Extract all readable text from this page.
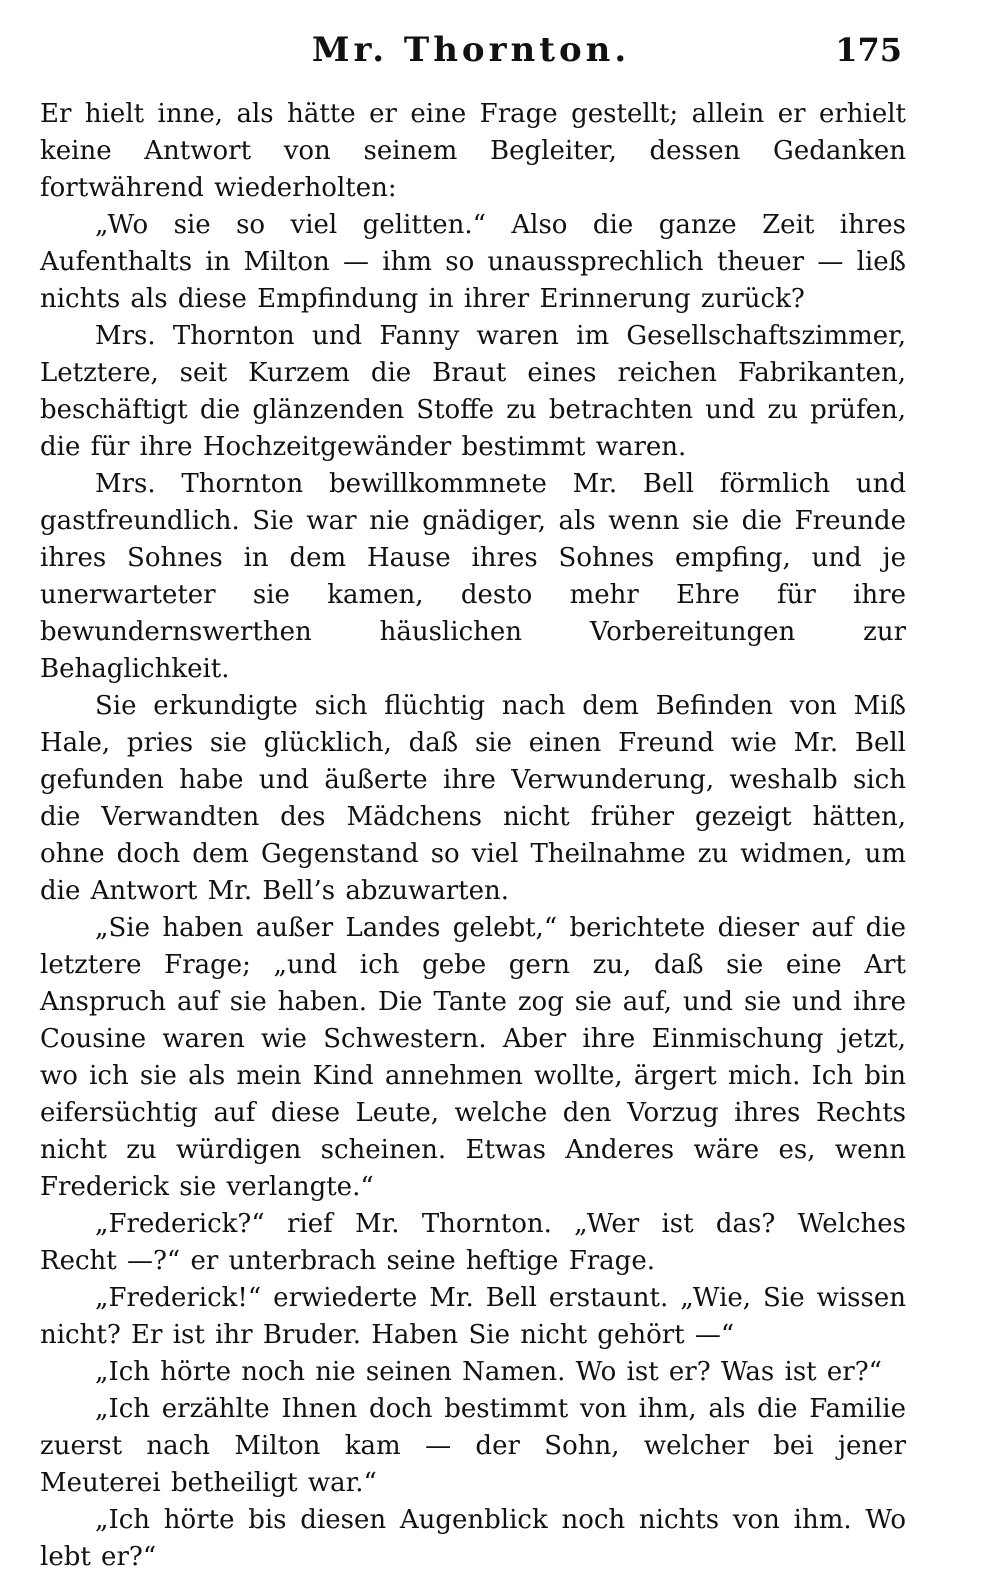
Mr. Thornton.	175

Er hielt inne, als hätte er eine Frage gestellt; allein er erhielt keine Antwort von seinem Begleiter, dessen Gedanken fortwährend wiederholten:

„Wo sie so viel gelitten.“ Also die ganze Zeit ihres Aufenthalts in Milton — ihm so unaussprechlich theuer — ließ nichts als diese Empfindung in ihrer Erinnerung zurück?

Mrs. Thornton und Fanny waren im Gesellschaftszimmer, Letztere, seit Kurzem die Braut eines reichen Fabrikanten, beschäftigt die glänzenden Stoffe zu betrachten und zu prüfen, die für ihre Hochzeitgewänder bestimmt waren.

Mrs. Thornton bewillkommnete Mr. Bell förmlich und gastfreundlich. Sie war nie gnädiger, als wenn sie die Freunde ihres Sohnes in dem Hause ihres Sohnes empfing, und je unerwarteter sie kamen, desto mehr Ehre für ihre bewundernswerthen häuslichen Vorbereitungen zur Behaglichkeit.

Sie erkundigte sich flüchtig nach dem Befinden von Miß Hale, pries sie glücklich, daß sie einen Freund wie Mr. Bell gefunden habe und äußerte ihre Verwunderung, weshalb sich die Verwandten des Mädchens nicht früher gezeigt hätten, ohne doch dem Gegenstand so viel Theilnahme zu widmen, um die Antwort Mr. Bell’s abzuwarten.

„Sie haben außer Landes gelebt,“ berichtete dieser auf die letztere Frage; „und ich gebe gern zu, daß sie eine Art Anspruch auf sie haben. Die Tante zog sie auf, und sie und ihre Cousine waren wie Schwestern. Aber ihre Einmischung jetzt, wo ich sie als mein Kind annehmen wollte, ärgert mich. Ich bin eifersüchtig auf diese Leute, welche den Vorzug ihres Rechts nicht zu würdigen scheinen. Etwas Anderes wäre es, wenn Frederick sie verlangte.“

„Frederick?“ rief Mr. Thornton. „Wer ist das? Welches Recht —?“ er unterbrach seine heftige Frage.

„Frederick!“ erwiederte Mr. Bell erstaunt. „Wie, Sie wissen nicht? Er ist ihr Bruder. Haben Sie nicht gehört —“

„Ich hörte noch nie seinen Namen. Wo ist er? Was ist er?“

„Ich erzählte Ihnen doch bestimmt von ihm, als die Familie zuerst nach Milton kam — der Sohn, welcher bei jener Meuterei betheiligt war.“

„Ich hörte bis diesen Augenblick noch nichts von ihm. Wo lebt er?“
